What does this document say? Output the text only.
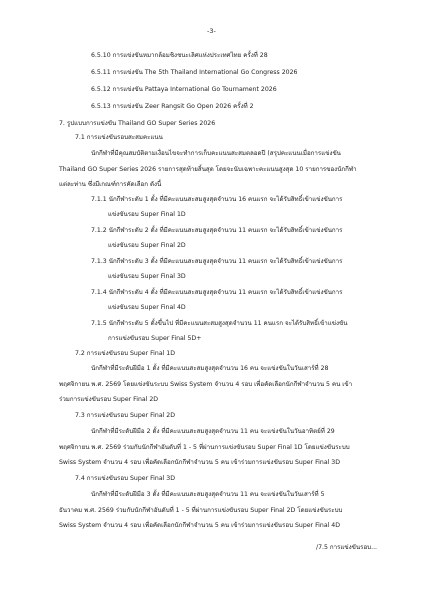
-3-
6.5.10 การแข่งขันหมากล้อมชิงชนะเลิศแห่งประเทศไทย ครั้งที่ 28
6.5.11 การแข่งขัน The 5th Thailand International Go Congress 2026
6.5.12 การแข่งขัน Pattaya International Go Tournament 2026
6.5.13 การแข่งขัน Zeer Rangsit Go Open 2026 ครั้งที่ 2
7. รูปแบบการแข่งขัน Thailand GO Super Series 2026
7.1 การแข่งขันรอบสะสมคะแนน
นักกีฬาที่มีคุณสมบัติตามเงื่อนไขจะทำการเก็บคะแนนสะสมตลอดปี (สรุปคะแนนเมื่อการแข่งขัน
Thailand GO Super Series 2026 รายการสุดท้ายสิ้นสุด โดยจะนับเฉพาะคะแนนสูงสุด 10 รายการของนักกีฬา
แต่ละท่าน ซึ่งมีเกณฑ์การคัดเลือก ดังนี้
7.1.1 นักกีฬาระดับ 1 ดั้ง ที่มีคะแนนสะสมสูงสุดจำนวน 16 คนแรก จะได้รับสิทธิ์เข้าแข่งขันการ
แข่งขันรอบ Super Final 1D
7.1.2 นักกีฬาระดับ 2 ดั้ง ที่มีคะแนนสะสมสูงสุดจำนวน 11 คนแรก จะได้รับสิทธิ์เข้าแข่งขันการ
แข่งขันรอบ Super Final 2D
7.1.3 นักกีฬาระดับ 3 ดั้ง ที่มีคะแนนสะสมสูงสุดจำนวน 11 คนแรก จะได้รับสิทธิ์เข้าแข่งขันการ
แข่งขันรอบ Super Final 3D
7.1.4 นักกีฬาระดับ 4 ดั้ง ที่มีคะแนนสะสมสูงสุดจำนวน 11 คนแรก จะได้รับสิทธิ์เข้าแข่งขันการ
แข่งขันรอบ Super Final 4D
7.1.5 นักกีฬาระดับ 5 ดั้งขึ้นไป ที่มีคะแนนสะสมสูงสุดจำนวน 11 คนแรก จะได้รับสิทธิ์เข้าแข่งขัน
การแข่งขันรอบ Super Final 5D+
7.2 การแข่งขันรอบ Super Final 1D
นักกีฬาที่มีระดับฝีมือ 1 ดั้ง ที่มีคะแนนสะสมสูงสุดจำนวน 16 คน จะแข่งขันในวันเสาร์ที่ 28
พฤศจิกายน พ.ศ. 2569 โดยแข่งขันระบบ Swiss System จำนวน 4 รอบ เพื่อคัดเลือกนักกีฬาจำนวน 5 คน เข้า
ร่วมการแข่งขันรอบ Super Final 2D
7.3 การแข่งขันรอบ Super Final 2D
นักกีฬาที่มีระดับฝีมือ 2 ดั้ง ที่มีคะแนนสะสมสูงสุดจำนวน 11 คน จะแข่งขันในวันอาทิตย์ที่ 29
พฤศจิกายน พ.ศ. 2569 ร่วมกับนักกีฬาอันดับที่ 1 - 5 ที่ผ่านการแข่งขันรอบ Super Final 1D โดยแข่งขันระบบ
Swiss System จำนวน 4 รอบ เพื่อคัดเลือกนักกีฬาจำนวน 5 คน เข้าร่วมการแข่งขันรอบ Super Final 3D
7.4 การแข่งขันรอบ Super Final 3D
นักกีฬาที่มีระดับฝีมือ 3 ดั้ง ที่มีคะแนนสะสมสูงสุดจำนวน 11 คน จะแข่งขันในวันเสาร์ที่ 5
ธันวาคม พ.ศ. 2569 ร่วมกับนักกีฬาอันดับที่ 1 - 5 ที่ผ่านการแข่งขันรอบ Super Final 2D โดยแข่งขันระบบ
Swiss System จำนวน 4 รอบ เพื่อคัดเลือกนักกีฬาจำนวน 5 คน เข้าร่วมการแข่งขันรอบ Super Final 4D
/7.5 การแข่งขันรอบ...
